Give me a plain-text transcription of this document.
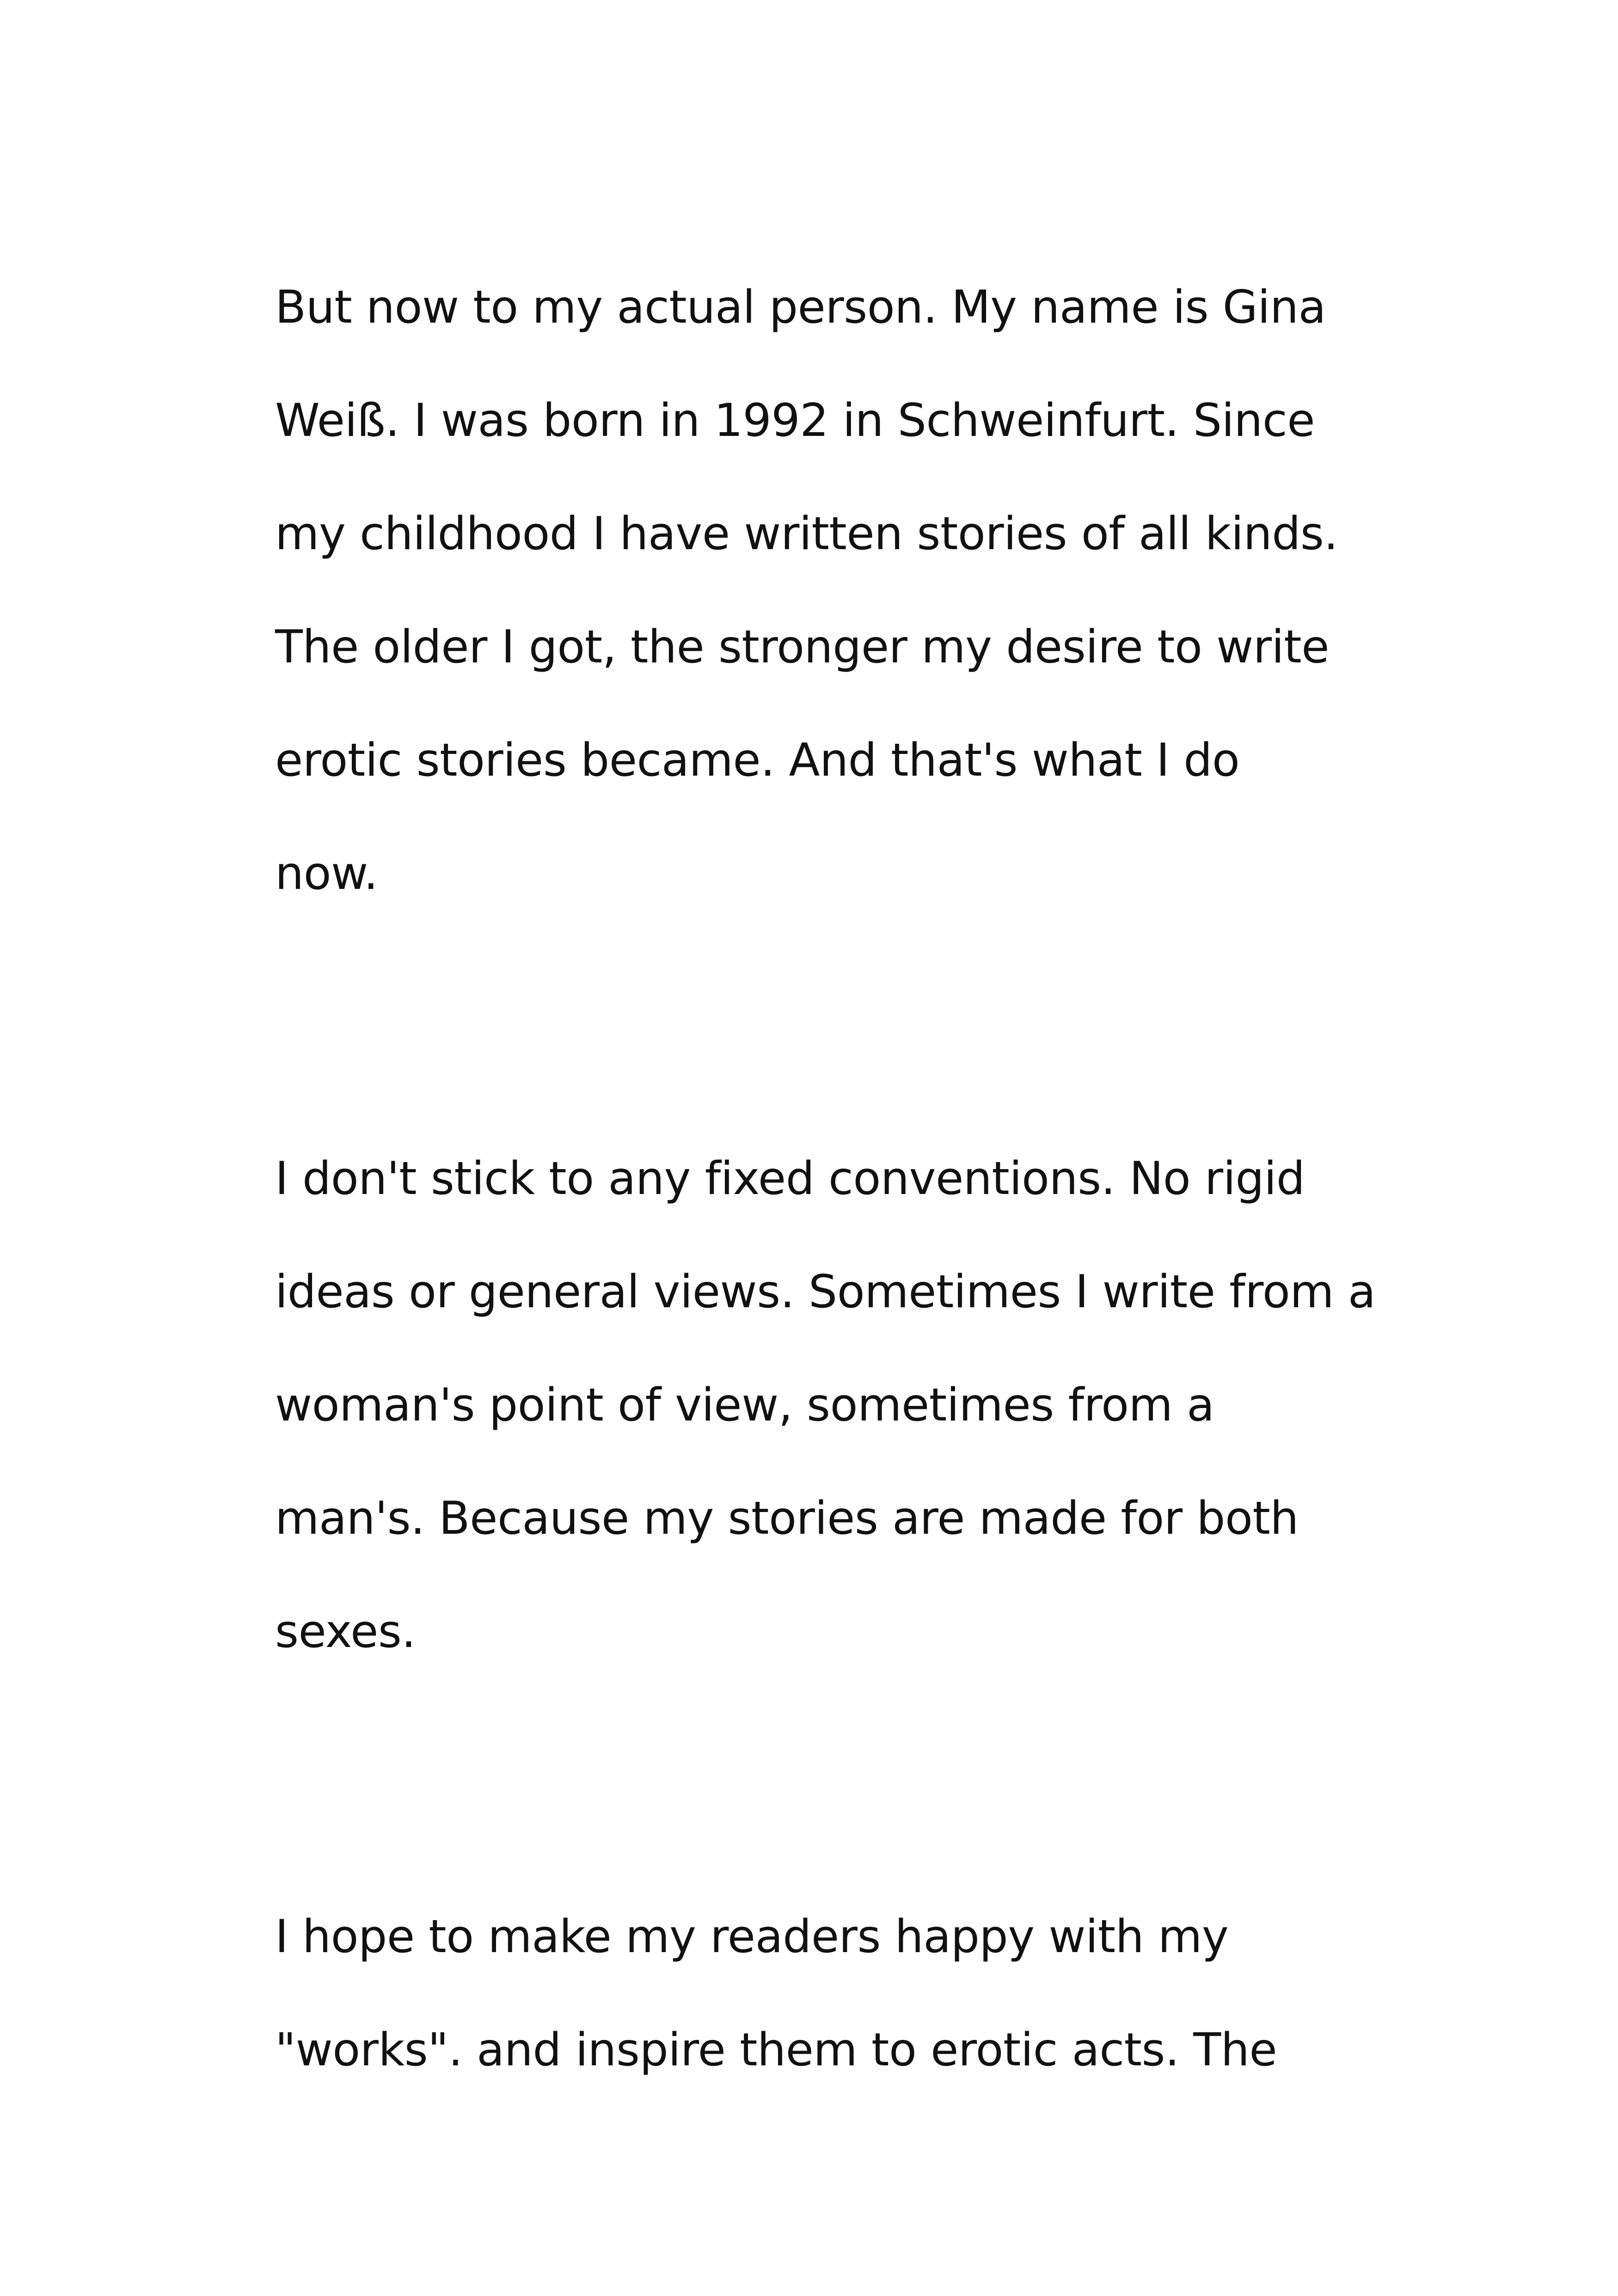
But now to my actual person. My name is Gina
Weiß. I was born in 1992 in Schweinfurt. Since
my childhood I have written stories of all kinds.
The older I got, the stronger my desire to write
erotic stories became. And that's what I do
now.
I don't stick to any fixed conventions. No rigid
ideas or general views. Sometimes I write from a
woman's point of view, sometimes from a
man's. Because my stories are made for both
sexes.
I hope to make my readers happy with my
"works". and inspire them to erotic acts. The
